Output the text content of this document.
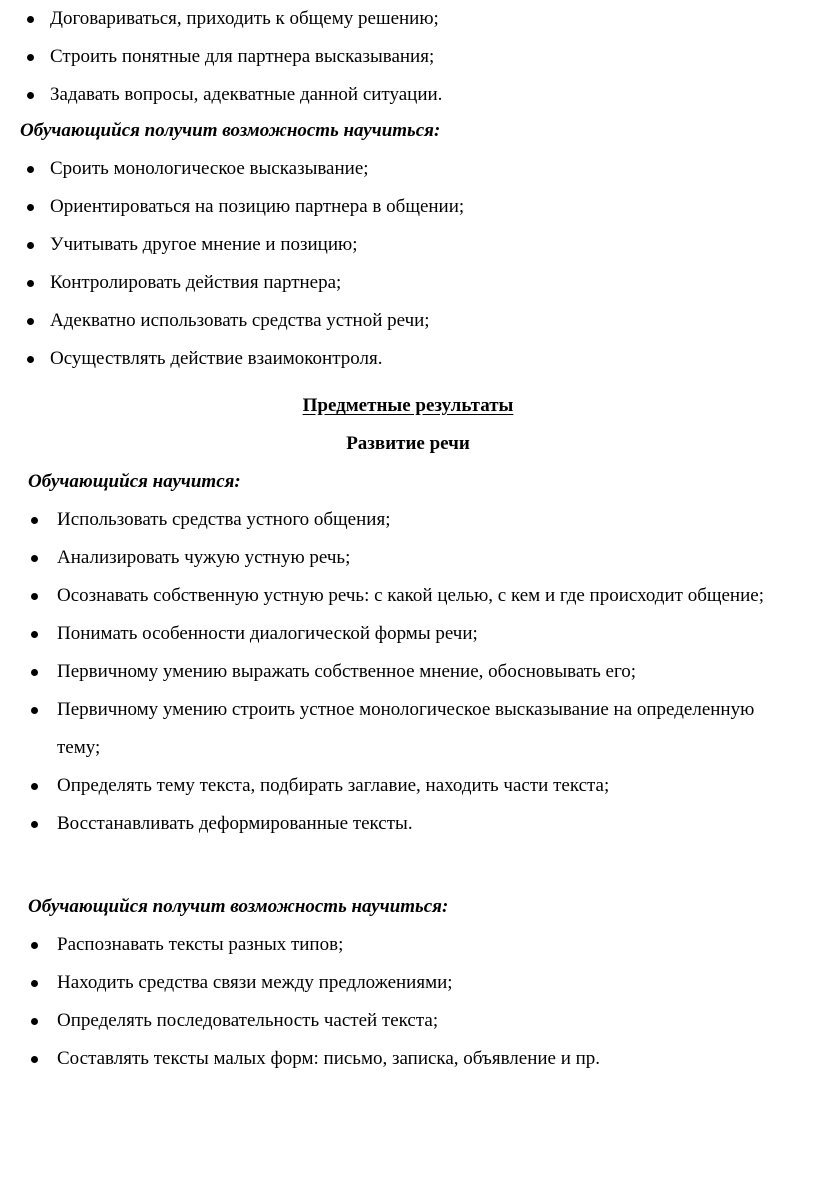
Договариваться, приходить к общему решению;
Строить понятные для партнера высказывания;
Задавать вопросы, адекватные данной ситуации.
Обучающийся получит возможность научиться:
Сроить монологическое высказывание;
Ориентироваться на позицию партнера в общении;
Учитывать другое мнение и позицию;
Контролировать действия партнера;
Адекватно использовать средства устной речи;
Осуществлять действие взаимоконтроля.
Предметные результаты
Развитие речи
Обучающийся научится:
Использовать средства устного общения;
Анализировать чужую устную речь;
Осознавать собственную устную речь: с какой целью, с кем и где происходит общение;
Понимать особенности диалогической формы речи;
Первичному умению выражать собственное мнение, обосновывать его;
Первичному умению строить устное монологическое высказывание на определенную тему;
Определять тему текста, подбирать заглавие, находить части текста;
Восстанавливать деформированные тексты.
Обучающийся получит возможность научиться:
Распознавать тексты разных типов;
Находить средства связи между предложениями;
Определять последовательность частей текста;
Составлять тексты малых форм: письмо, записка, объявление и пр.
